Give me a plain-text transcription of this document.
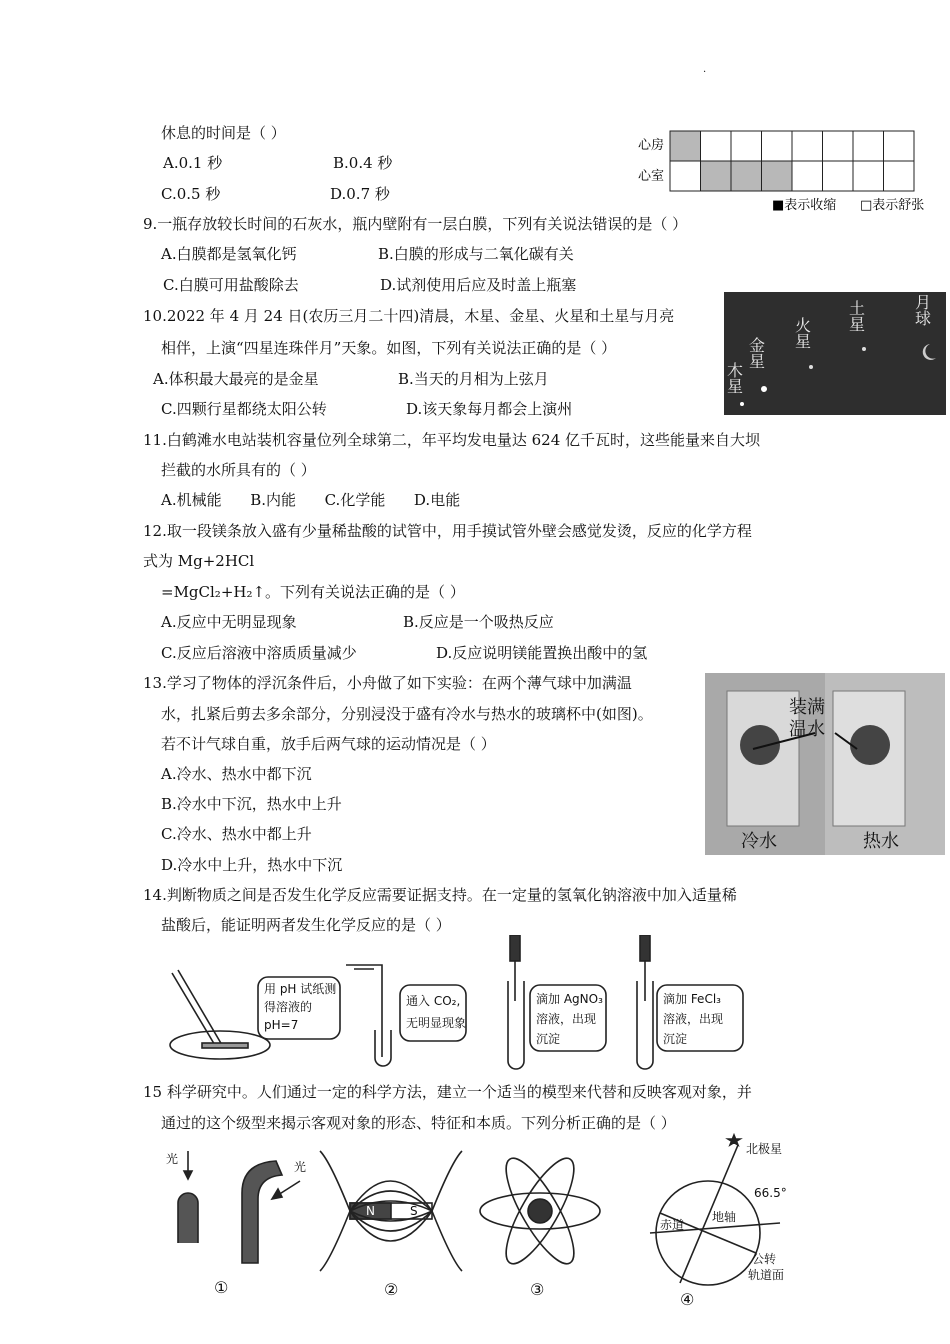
.
休息的时间是（ ）
A.0.1 秒	B.0.4 秒
C.0.5 秒	D.0.7 秒
心房
心室
■表示收缩 □表示舒张
9.一瓶存放较长时间的石灰水，瓶内壁附有一层白膜，下列有关说法错误的是（ ）
A.白膜都是氢氧化钙	B.白膜的形成与二氧化碳有关
C.白膜可用盐酸除去	D.试剂使用后应及时盖上瓶塞
10.2022 年 4 月 24 日(农历三月二十四)清晨，木星、金星、火星和土星与月亮
相伴，上演“四星连珠伴月”天象。如图，下列有关说法正确的是（ ）
A.体积最大最亮的是金星	B.当天的月相为上弦月
C.四颗行星都绕太阳公转	D.该天象每月都会上演州
木星
金星
火星
土星	月球
11.白鹤滩水电站装机容量位列全球第二，年平均发电量达 624 亿千瓦时，这些能量来自大坝
拦截的水所具有的（ ）
A.机械能      B.内能      C.化学能      D.电能
12.取一段镁条放入盛有少量稀盐酸的试管中，用手摸试管外壁会感觉发烫，反应的化学方程
式为 Mg+2HCl
=MgCl₂+H₂↑。下列有关说法正确的是（ ）
A.反应中无明显现象	B.反应是一个吸热反应
C.反应后溶液中溶质质量减少	D.反应说明镁能置换出酸中的氢
13.学习了物体的浮沉条件后，小舟做了如下实验：在两个薄气球中加满温
水，扎紧后剪去多余部分，分别浸没于盛有冷水与热水的玻璃杯中(如图)。
若不计气球自重，放手后两气球的运动情况是（ ）
A.冷水、热水中都下沉
B.冷水中下沉，热水中上升
C.冷水、热水中都上升
D.冷水中上升，热水中下沉
装满
温水
冷水	热水
14.判断物质之间是否发生化学反应需要证据支持。在一定量的氢氧化钠溶液中加入适量稀
盐酸后，能证明两者发生化学反应的是（ ）
用 pH 试纸测
得溶液的
pH=7
通入 CO₂,
无明显现象
滴加 AgNO₃
溶液，出现
沉淀
滴加 FeCl₃
溶液，出现
沉淀
15 科学研究中。人们通过一定的科学方法，建立一个适当的模型来代替和反映客观对象，并
通过的这个级型来揭示客观对象的形态、特征和本质。下列分析正确的是（ ）
光
光
N	S
北极星
66.5°
赤道
地轴
公转
轨道面
①	②	③
④
